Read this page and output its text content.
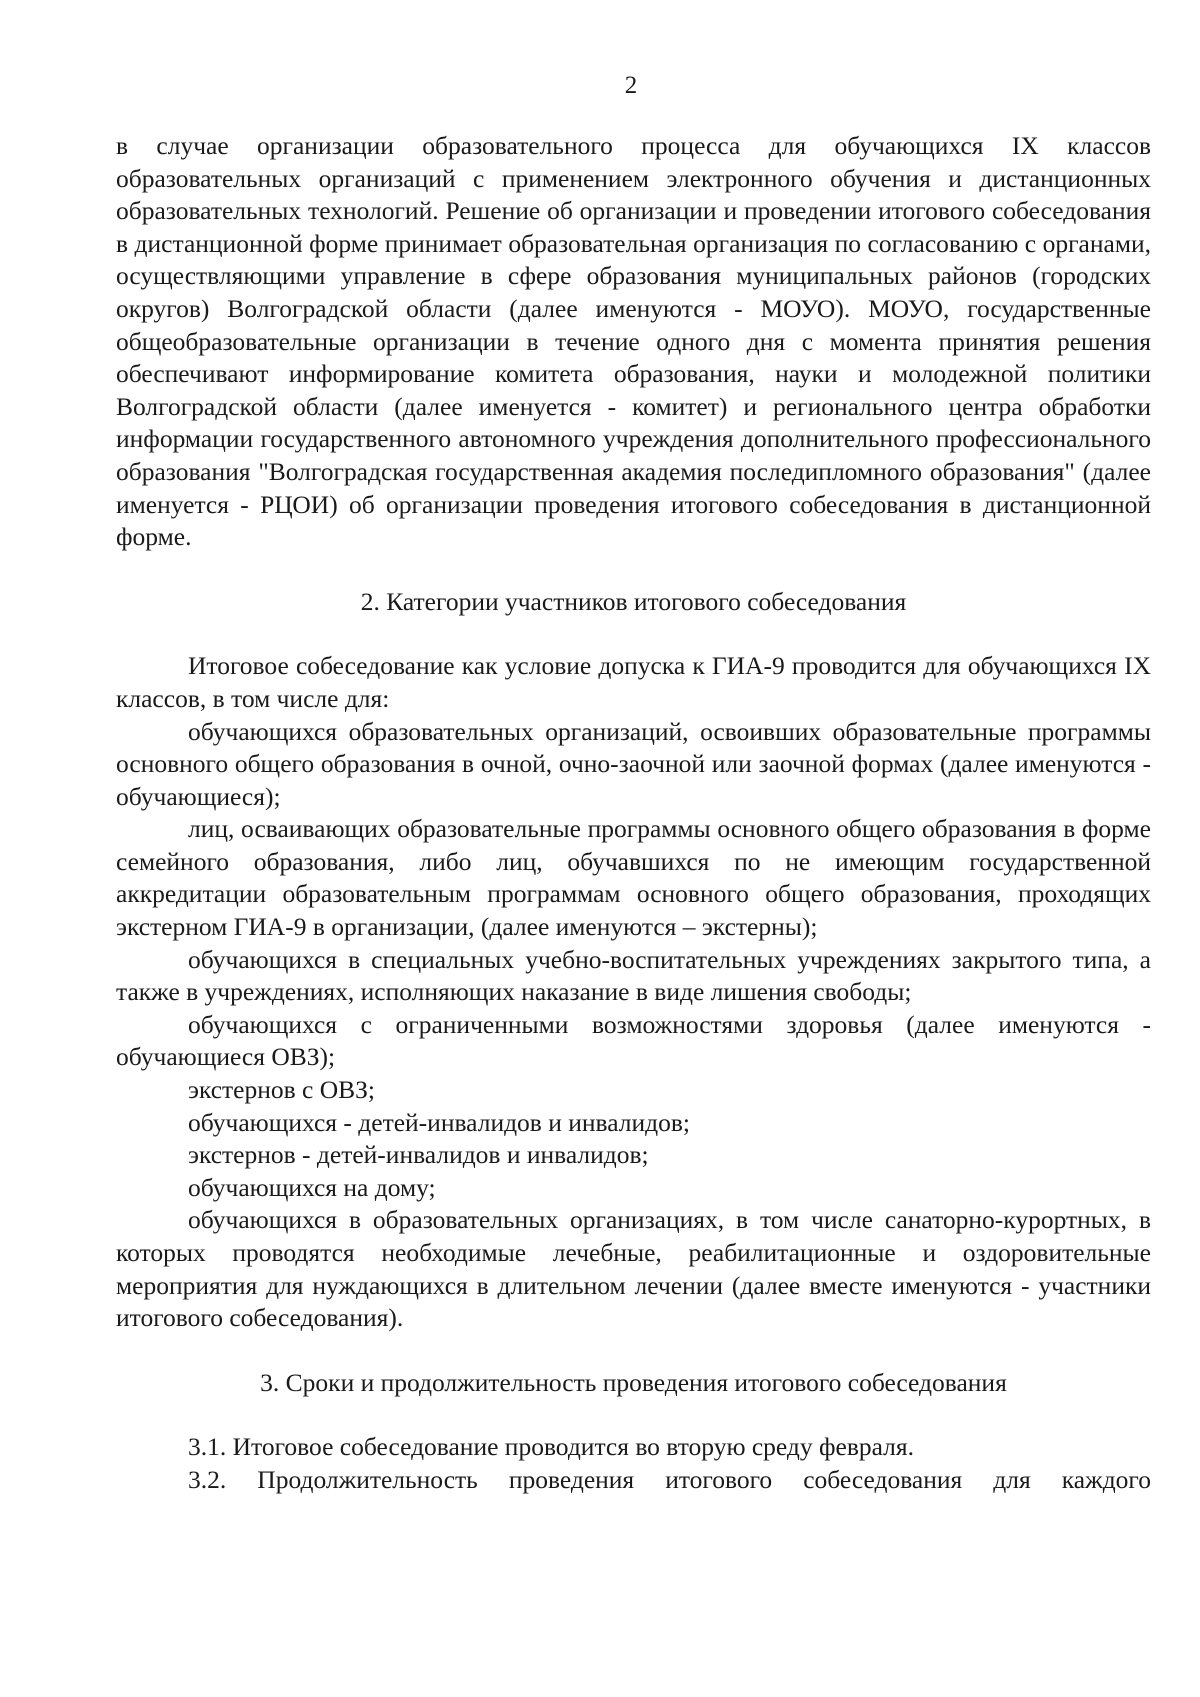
2

в случае организации образовательного процесса для обучающихся IX классов образовательных организаций с применением электронного обучения и дистанционных образовательных технологий. Решение об организации и проведении итогового собеседования в дистанционной форме принимает образовательная организация по согласованию с органами, осуществляющими управление в сфере образования муниципальных районов (городских округов) Волгоградской области (далее именуются - МОУО). МОУО, государственные общеобразовательные организации в течение одного дня с момента принятия решения обеспечивают информирование комитета образования, науки и молодежной политики Волгоградской области (далее именуется - комитет) и регионального центра обработки информации государственного автономного учреждения дополнительного профессионального образования "Волгоградская государственная академия последипломного образования" (далее именуется - РЦОИ) об организации проведения итогового собеседования в дистанционной форме.

2. Категории участников итогового собеседования

Итоговое собеседование как условие допуска к ГИА-9 проводится для обучающихся IX классов, в том числе для:

обучающихся образовательных организаций, освоивших образовательные программы основного общего образования в очной, очно-заочной или заочной формах (далее именуются - обучающиеся);

лиц, осваивающих образовательные программы основного общего образования в форме семейного образования, либо лиц, обучавшихся по не имеющим государственной аккредитации образовательным программам основного общего образования, проходящих экстерном ГИА-9 в организации, (далее именуются – экстерны);

обучающихся в специальных учебно-воспитательных учреждениях закрытого типа, а также в учреждениях, исполняющих наказание в виде лишения свободы;

обучающихся с ограниченными возможностями здоровья (далее именуются - обучающиеся ОВЗ);

экстернов с ОВЗ;

обучающихся - детей-инвалидов и инвалидов;

экстернов - детей-инвалидов и инвалидов;

обучающихся на дому;

обучающихся в образовательных организациях, в том числе санаторно-курортных, в которых проводятся необходимые лечебные, реабилитационные и оздоровительные мероприятия для нуждающихся в длительном лечении (далее вместе именуются - участники итогового собеседования).

3. Сроки и продолжительность проведения итогового собеседования

3.1. Итоговое собеседование проводится во вторую среду февраля.

3.2. Продолжительность проведения итогового собеседования для каждого
